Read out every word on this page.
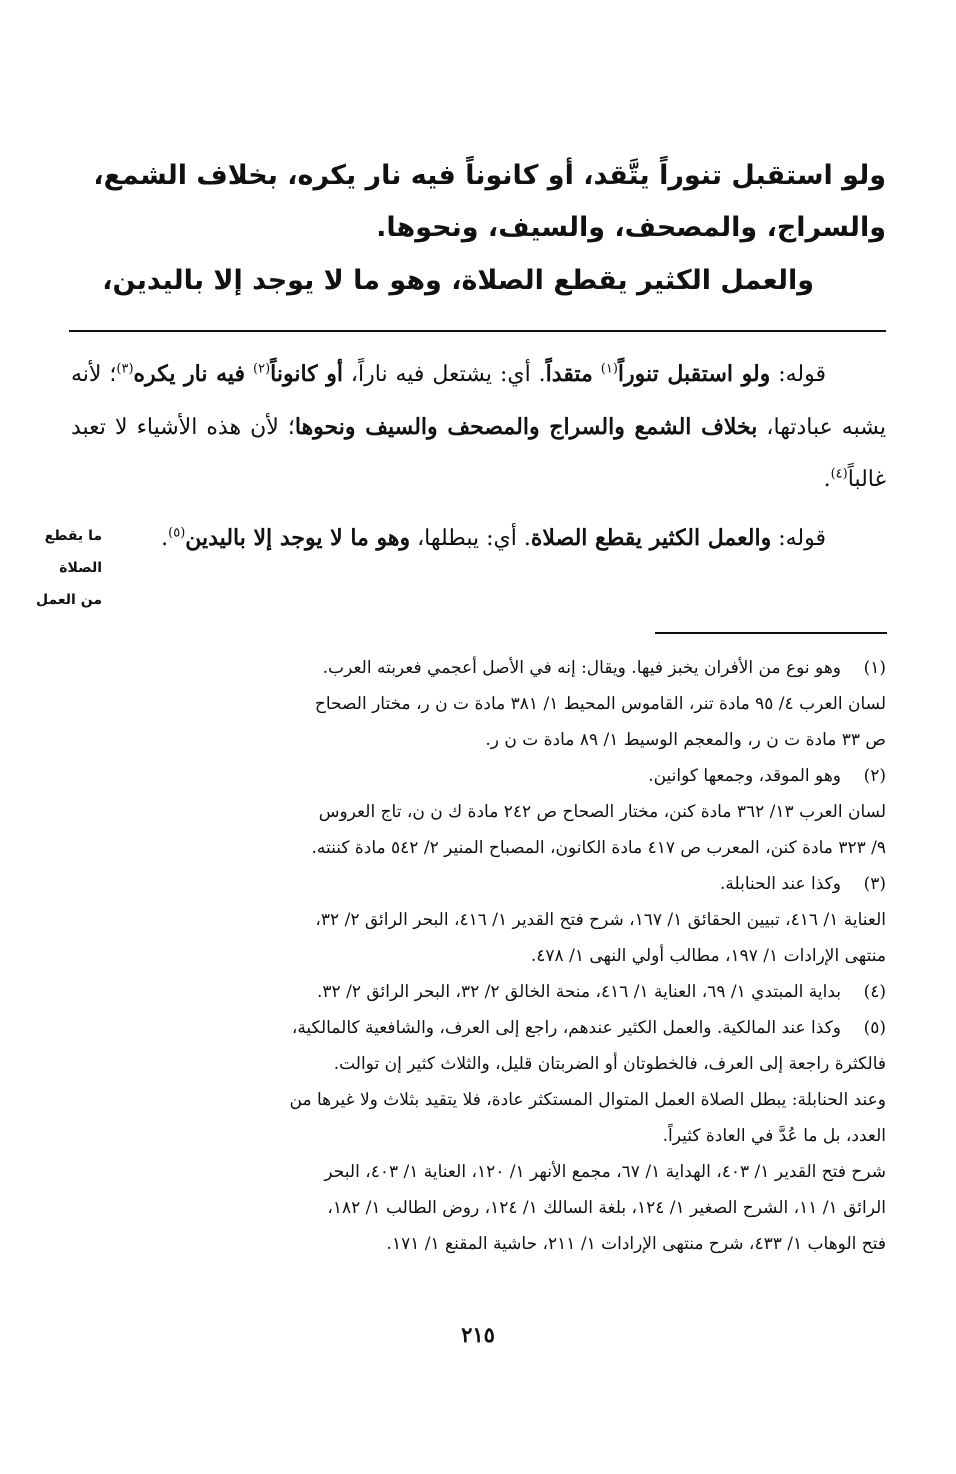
ولو استقبل تنوراً يتَّقد، أو كانوناً فيه نار يكره، بخلاف الشمع،
والسراج، والمصحف، والسيف، ونحوها.
والعمل الكثير يقطع الصلاة، وهو ما لا يوجد إلا باليدين،
قوله: ولو استقبل تنوراً$^{(١)}$ متقداً. أي: يشتعل فيه ناراً، أو كانوناً$^{(٢)}$ فيه نار يكره$^{(٣)}$؛ لأنه يشبه عبادتها، بخلاف الشمع والسراج والمصحف والسيف ونحوها؛ لأن هذه الأشياء لا تعبد غالباً$^{(٤)}$.
قوله: والعمل الكثير يقطع الصلاة. أي: يبطلها، وهو ما لا يوجد إلا باليدين$^{(٥)}$.
ما يقطع
الصلاة
من العمل
(١)
وهو نوع من الأفران يخبز فيها. ويقال: إنه في الأصل أعجمي فعربته العرب.
لسان العرب ٤/ ٩٥ مادة تنر، القاموس المحيط ١/ ٣٨١ مادة ت ن ر، مختار الصحاح
ص ٣٣ مادة ت ن ر، والمعجم الوسيط ١/ ٨٩ مادة ت ن ر.
(٢)
وهو الموقد، وجمعها كوانين.
لسان العرب ١٣/ ٣٦٢ مادة كنن، مختار الصحاح ص ٢٤٢ مادة ك ن ن، تاج العروس
٩/ ٣٢٣ مادة كنن، المعرب ص ٤١٧ مادة الكانون، المصباح المنير ٢/ ٥٤٢ مادة كننته.
(٣)
وكذا عند الحنابلة.
العناية ١/ ٤١٦، تبيين الحقائق ١/ ١٦٧، شرح فتح القدير ١/ ٤١٦، البحر الرائق ٢/ ٣٢،
منتهى الإرادات ١/ ١٩٧، مطالب أولي النهى ١/ ٤٧٨.
(٤)
بداية المبتدي ١/ ٦٩، العناية ١/ ٤١٦، منحة الخالق ٢/ ٣٢، البحر الرائق ٢/ ٣٢.
(٥)
وكذا عند المالكية. والعمل الكثير عندهم، راجع إلى العرف، والشافعية كالمالكية،
فالكثرة راجعة إلى العرف، فالخطوتان أو الضربتان قليل، والثلاث كثير إن توالت.
وعند الحنابلة: يبطل الصلاة العمل المتوال المستكثر عادة، فلا يتقيد بثلاث ولا غيرها من
العدد، بل ما عُدَّ في العادة كثيراً.
شرح فتح القدير ١/ ٤٠٣، الهداية ١/ ٦٧، مجمع الأنهر ١/ ١٢٠، العناية ١/ ٤٠٣، البحر
الرائق ١/ ١١، الشرح الصغير ١/ ١٢٤، بلغة السالك ١/ ١٢٤، روض الطالب ١/ ١٨٢،
فتح الوهاب ١/ ٤٣٣، شرح منتهى الإرادات ١/ ٢١١، حاشية المقنع ١/ ١٧١.
٢١٥
